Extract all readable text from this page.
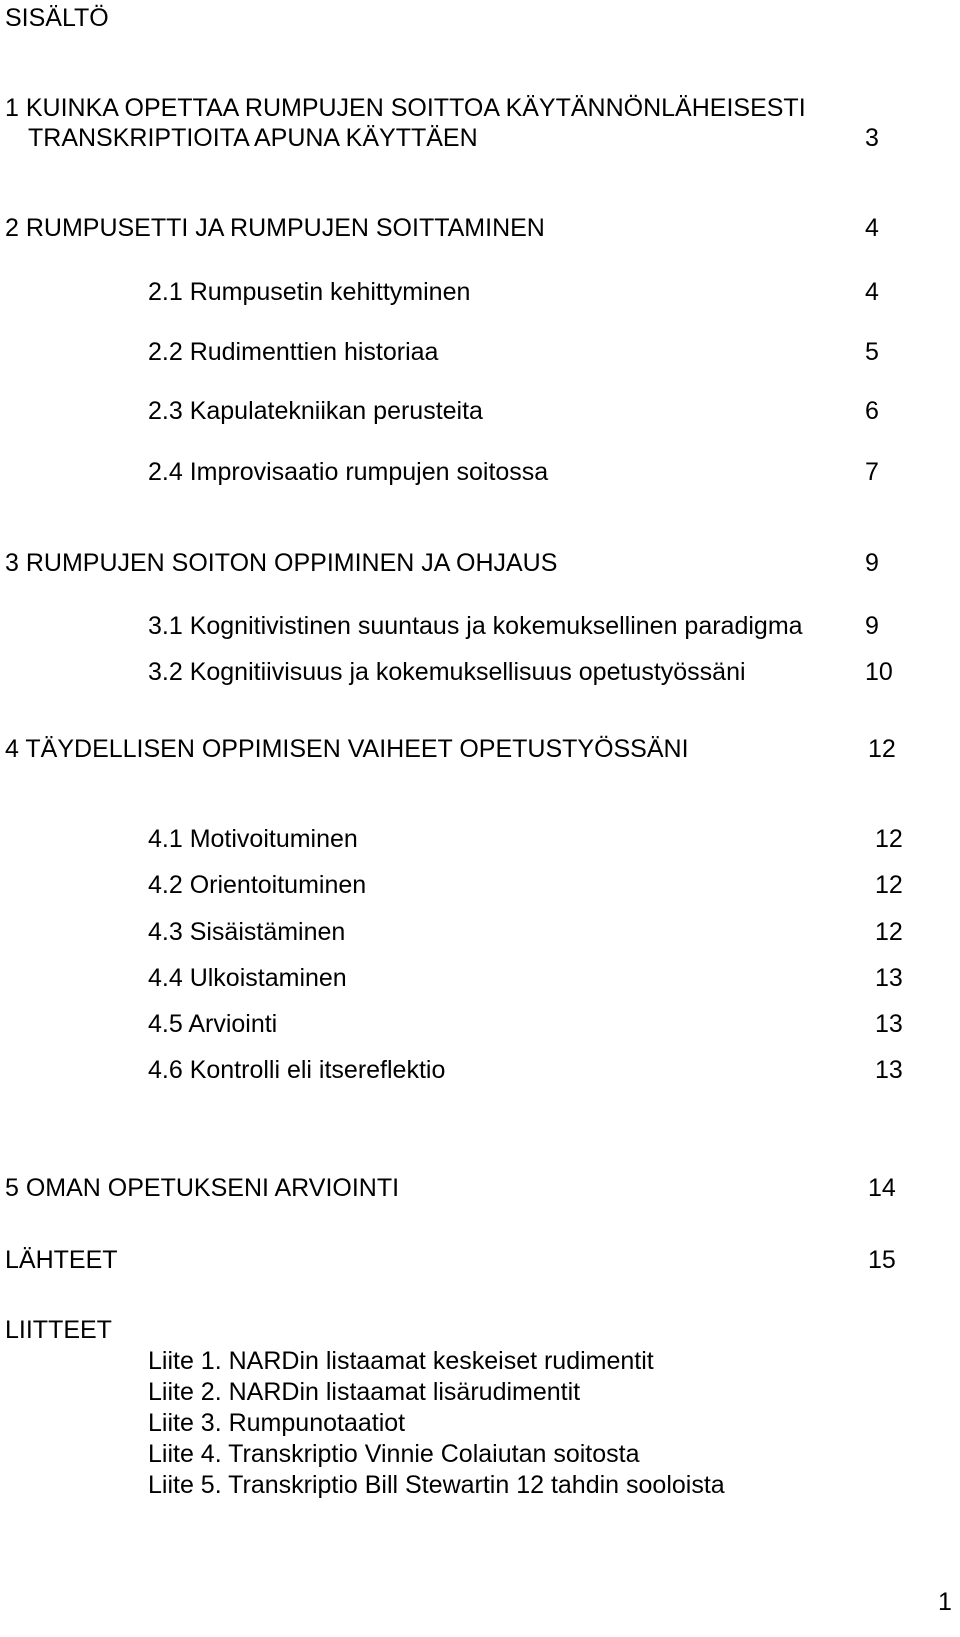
SISÄLTÖ
1 KUINKA OPETTAA RUMPUJEN SOITTOA KÄYTÄNNÖNLÄHEISESTI
TRANSKRIPTIOITA APUNA KÄYTTÄEN	3
2 RUMPUSETTI JA RUMPUJEN SOITTAMINEN	4
2.1 Rumpusetin kehittyminen	4
2.2 Rudimenttien historiaa	5
2.3 Kapulatekniikan perusteita	6
2.4 Improvisaatio rumpujen soitossa	7
3 RUMPUJEN SOITON OPPIMINEN JA OHJAUS	9
3.1 Kognitivistinen suuntaus ja kokemuksellinen paradigma 9
3.2 Kognitiivisuus ja kokemuksellisuus opetustyössäni	10
4 TÄYDELLISEN OPPIMISEN VAIHEET OPETUSTYÖSSÄNI	12
4.1 Motivoituminen	12
4.2 Orientoituminen	12
4.3 Sisäistäminen	12
4.4 Ulkoistaminen	13
4.5 Arviointi	13
4.6 Kontrolli eli itsereflektio	13
5 OMAN OPETUKSENI ARVIOINTI	14
LÄHTEET	15
LIITTEET
Liite 1. NARDin listaamat keskeiset rudimentit
Liite 2. NARDin listaamat lisärudimentit
Liite 3. Rumpunotaatiot
Liite 4. Transkriptio Vinnie Colaiutan soitosta
Liite 5. Transkriptio Bill Stewartin 12 tahdin sooloista
1
